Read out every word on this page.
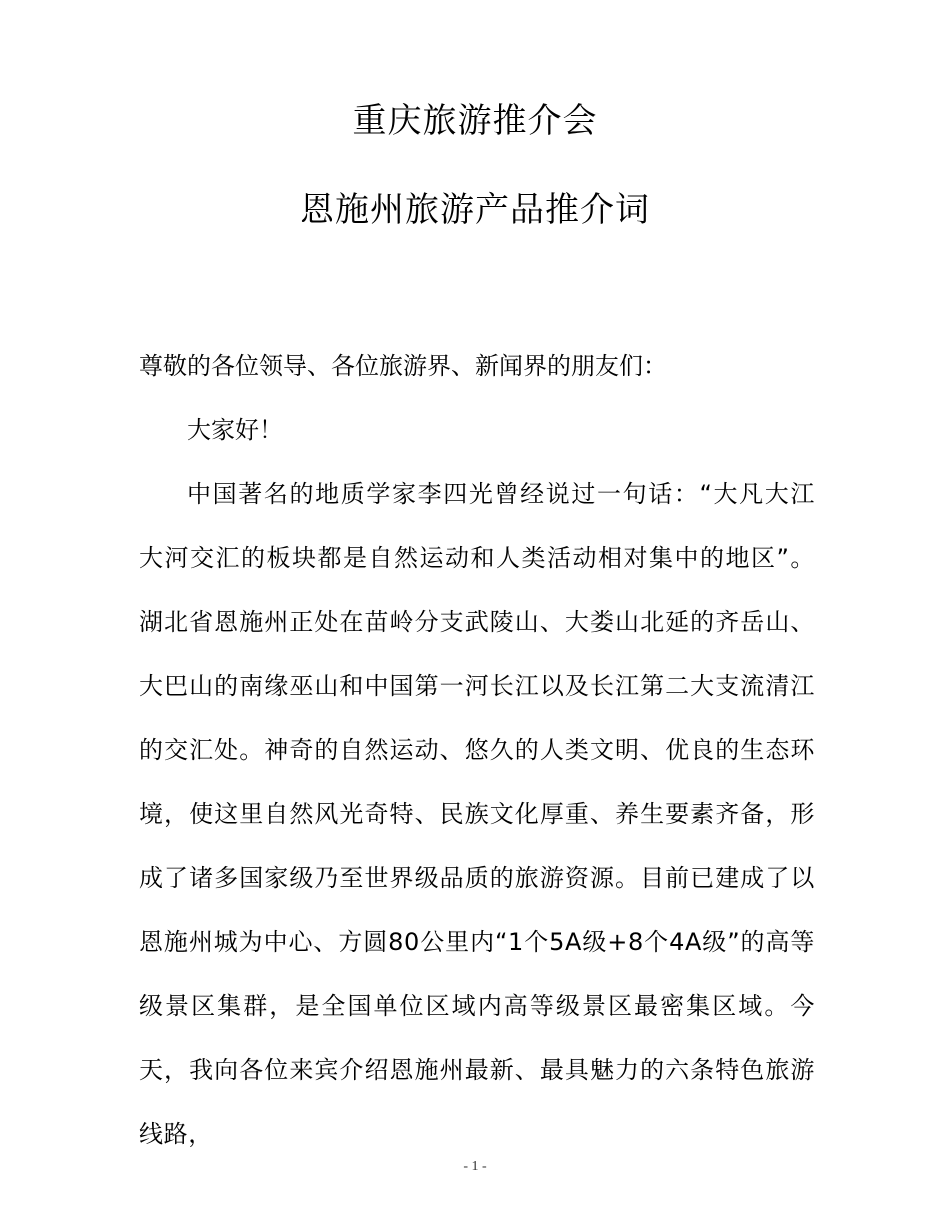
重庆旅游推介会
恩施州旅游产品推介词
尊敬的各位领导、各位旅游界、新闻界的朋友们：
大家好！
中国著名的地质学家李四光曾经说过一句话：“大凡大江大河交汇的板块都是自然运动和人类活动相对集中的地区”。湖北省恩施州正处在苗岭分支武陵山、大娄山北延的齐岳山、大巴山的南缘巫山和中国第一河长江以及长江第二大支流清江的交汇处。神奇的自然运动、悠久的人类文明、优良的生态环境，使这里自然风光奇特、民族文化厚重、养生要素齐备，形成了诸多国家级乃至世界级品质的旅游资源。目前已建成了以恩施州城为中心、方圆80公里内“1个5A级+8个4A级”的高等级景区集群，是全国单位区域内高等级景区最密集区域。今天，我向各位来宾介绍恩施州最新、最具魅力的六条特色旅游线路，
- 1 -
